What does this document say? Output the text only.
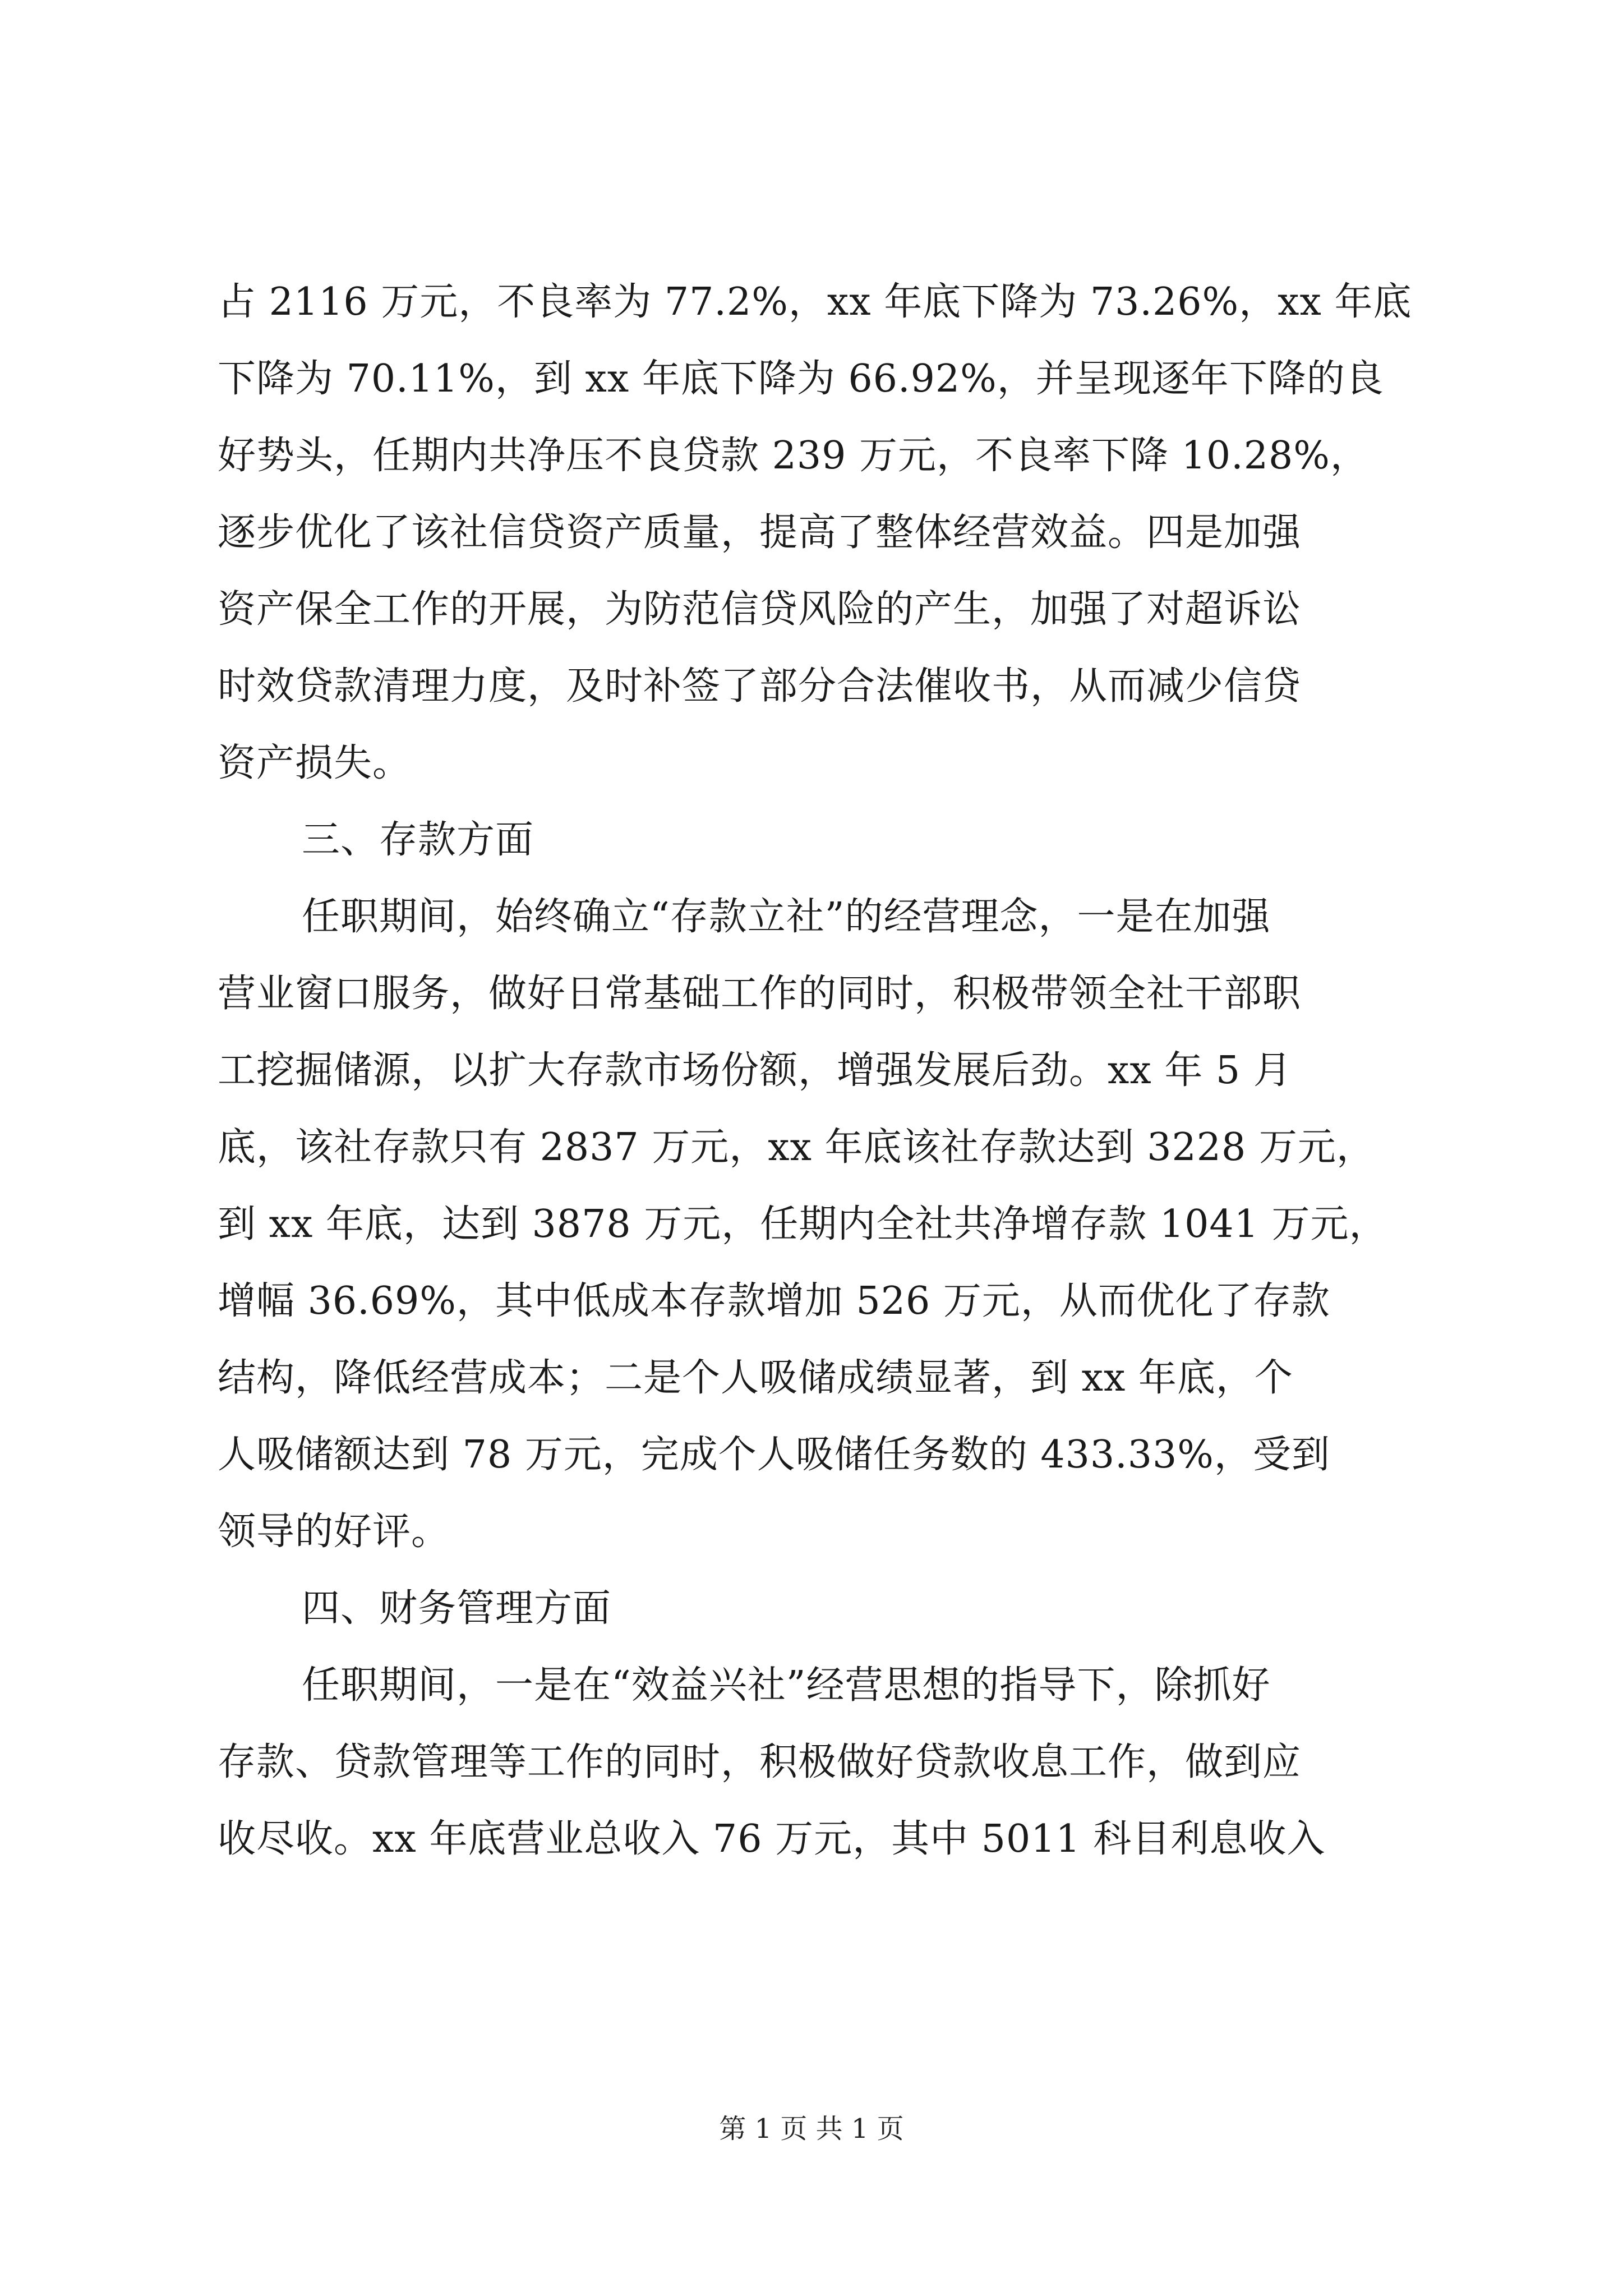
占 2116 万元，不良率为 77.2%，xx 年底下降为 73.26%，xx 年底
下降为 70.11%，到 xx 年底下降为 66.92%，并呈现逐年下降的良
好势头，任期内共净压不良贷款 239 万元，不良率下降 10.28%，
逐步优化了该社信贷资产质量，提高了整体经营效益。四是加强
资产保全工作的开展，为防范信贷风险的产生，加强了对超诉讼
时效贷款清理力度，及时补签了部分合法催收书，从而减少信贷
资产损失。
三、存款方面
任职期间，始终确立“存款立社”的经营理念，一是在加强
营业窗口服务，做好日常基础工作的同时，积极带领全社干部职
工挖掘储源，以扩大存款市场份额，增强发展后劲。xx 年 5 月
底，该社存款只有 2837 万元，xx 年底该社存款达到 3228 万元，
到 xx 年底，达到 3878 万元，任期内全社共净增存款 1041 万元，
增幅 36.69%，其中低成本存款增加 526 万元，从而优化了存款
结构，降低经营成本；二是个人吸储成绩显著，到 xx 年底，个
人吸储额达到 78 万元，完成个人吸储任务数的 433.33%，受到
领导的好评。
四、财务管理方面
任职期间，一是在“效益兴社”经营思想的指导下，除抓好
存款、贷款管理等工作的同时，积极做好贷款收息工作，做到应
收尽收。xx 年底营业总收入 76 万元，其中 5011 科目利息收入
第 1 页 共 1 页
